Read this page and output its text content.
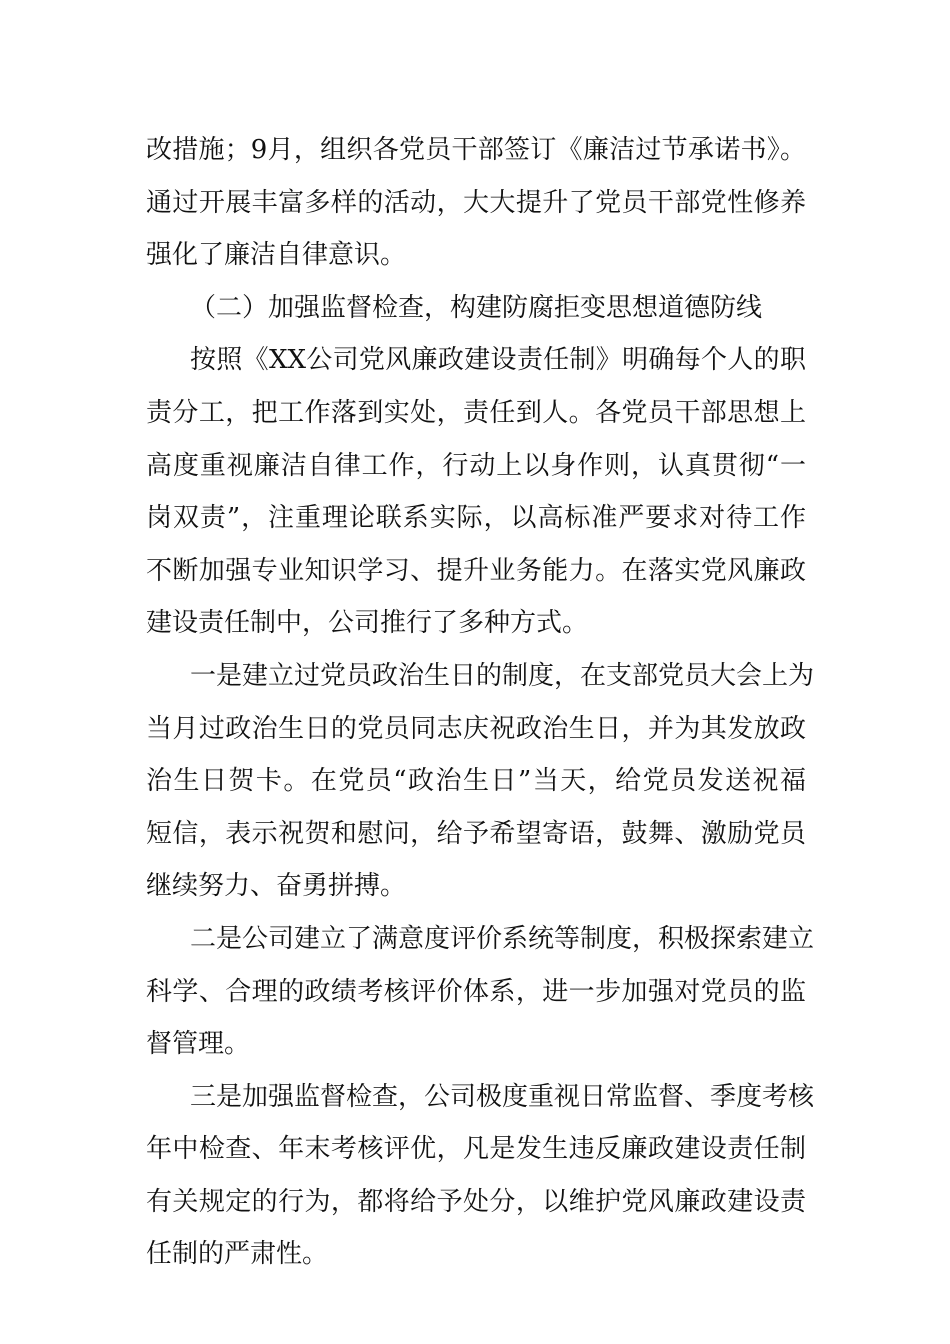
改措施；9月，组织各党员干部签订《廉洁过节承诺书》。
通过开展丰富多样的活动，大大提升了党员干部党性修养
强化了廉洁自律意识。
（二）加强监督检查，构建防腐拒变思想道德防线
按照《XX公司党风廉政建设责任制》明确每个人的职
责分工，把工作落到实处，责任到人。各党员干部思想上
高度重视廉洁自律工作，行动上以身作则，认真贯彻“一
岗双责”，注重理论联系实际，以高标准严要求对待工作
不断加强专业知识学习、提升业务能力。在落实党风廉政
建设责任制中，公司推行了多种方式。
一是建立过党员政治生日的制度，在支部党员大会上为
当月过政治生日的党员同志庆祝政治生日，并为其发放政
治生日贺卡。在党员“政治生日”当天，给党员发送祝福
短信，表示祝贺和慰问，给予希望寄语，鼓舞、激励党员
继续努力、奋勇拼搏。
二是公司建立了满意度评价系统等制度，积极探索建立
科学、合理的政绩考核评价体系，进一步加强对党员的监
督管理。
三是加强监督检查，公司极度重视日常监督、季度考核
年中检查、年末考核评优，凡是发生违反廉政建设责任制
有关规定的行为，都将给予处分，以维护党风廉政建设责
任制的严肃性。
